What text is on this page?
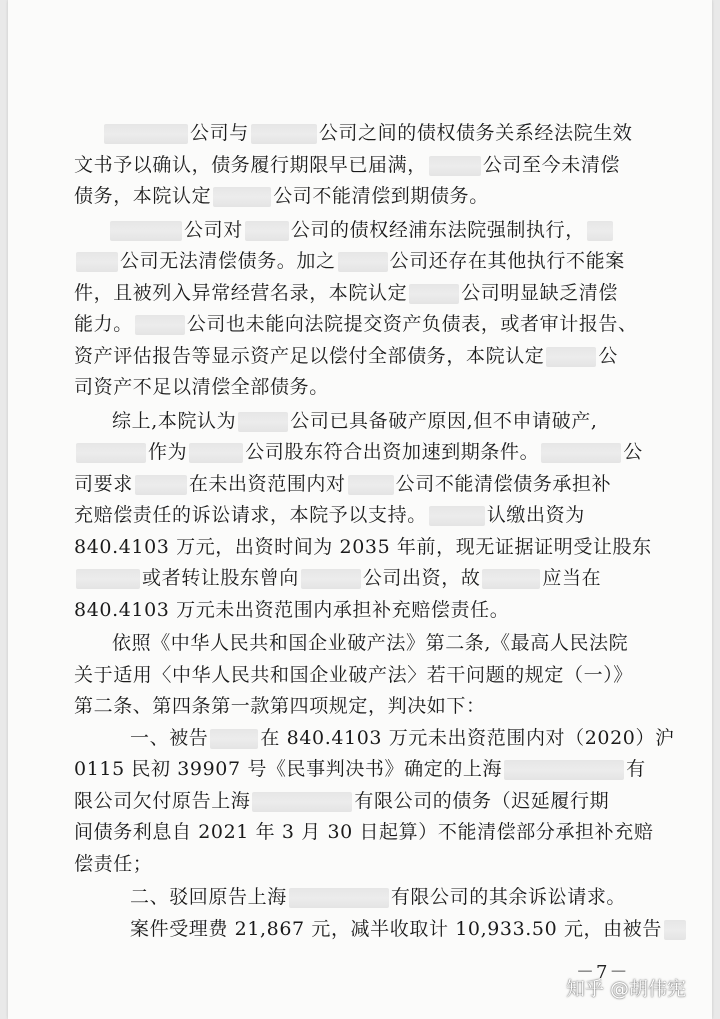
公司与	公司之间的债权债务关系经法院生效
文书予以确认，债务履行期限早已届满，	公司至今未清偿
债务，本院认定	公司不能清偿到期债务。
公司对	公司的债权经浦东法院强制执行，
公司无法清偿债务。加之	公司还存在其他执行不能案
件，且被列入异常经营名录，本院认定	公司明显缺乏清偿
能力。	公司也未能向法院提交资产负债表，或者审计报告、
资产评估报告等显示资产足以偿付全部债务，本院认定	公
司资产不足以清偿全部债务。
综上,本院认为	公司已具备破产原因,但不申请破产,
作为	公司股东符合出资加速到期条件。	公
司要求	在未出资范围内对	公司不能清偿债务承担补
充赔偿责任的诉讼请求，本院予以支持。	认缴出资为
840.4103 万元，出资时间为 2035 年前，现无证据证明受让股东
或者转让股东曾向	公司出资，故	应当在
840.4103 万元未出资范围内承担补充赔偿责任。
依照《中华人民共和国企业破产法》第二条,《最高人民法院
关于适用〈中华人民共和国企业破产法〉若干问题的规定（一）》
第二条、第四条第一款第四项规定，判决如下：
一、被告	在 840.4103 万元未出资范围内对（2020）沪
0115 民初 39907 号《民事判决书》确定的上海	有
限公司欠付原告上海	有限公司的债务（迟延履行期
间债务利息自 2021 年 3 月 30 日起算）不能清偿部分承担补充赔
偿责任；
二、驳回原告上海	有限公司的其余诉讼请求。
案件受理费 21,867 元，减半收取计 10,933.50 元，由被告
－7－
知乎 @胡伟宪
